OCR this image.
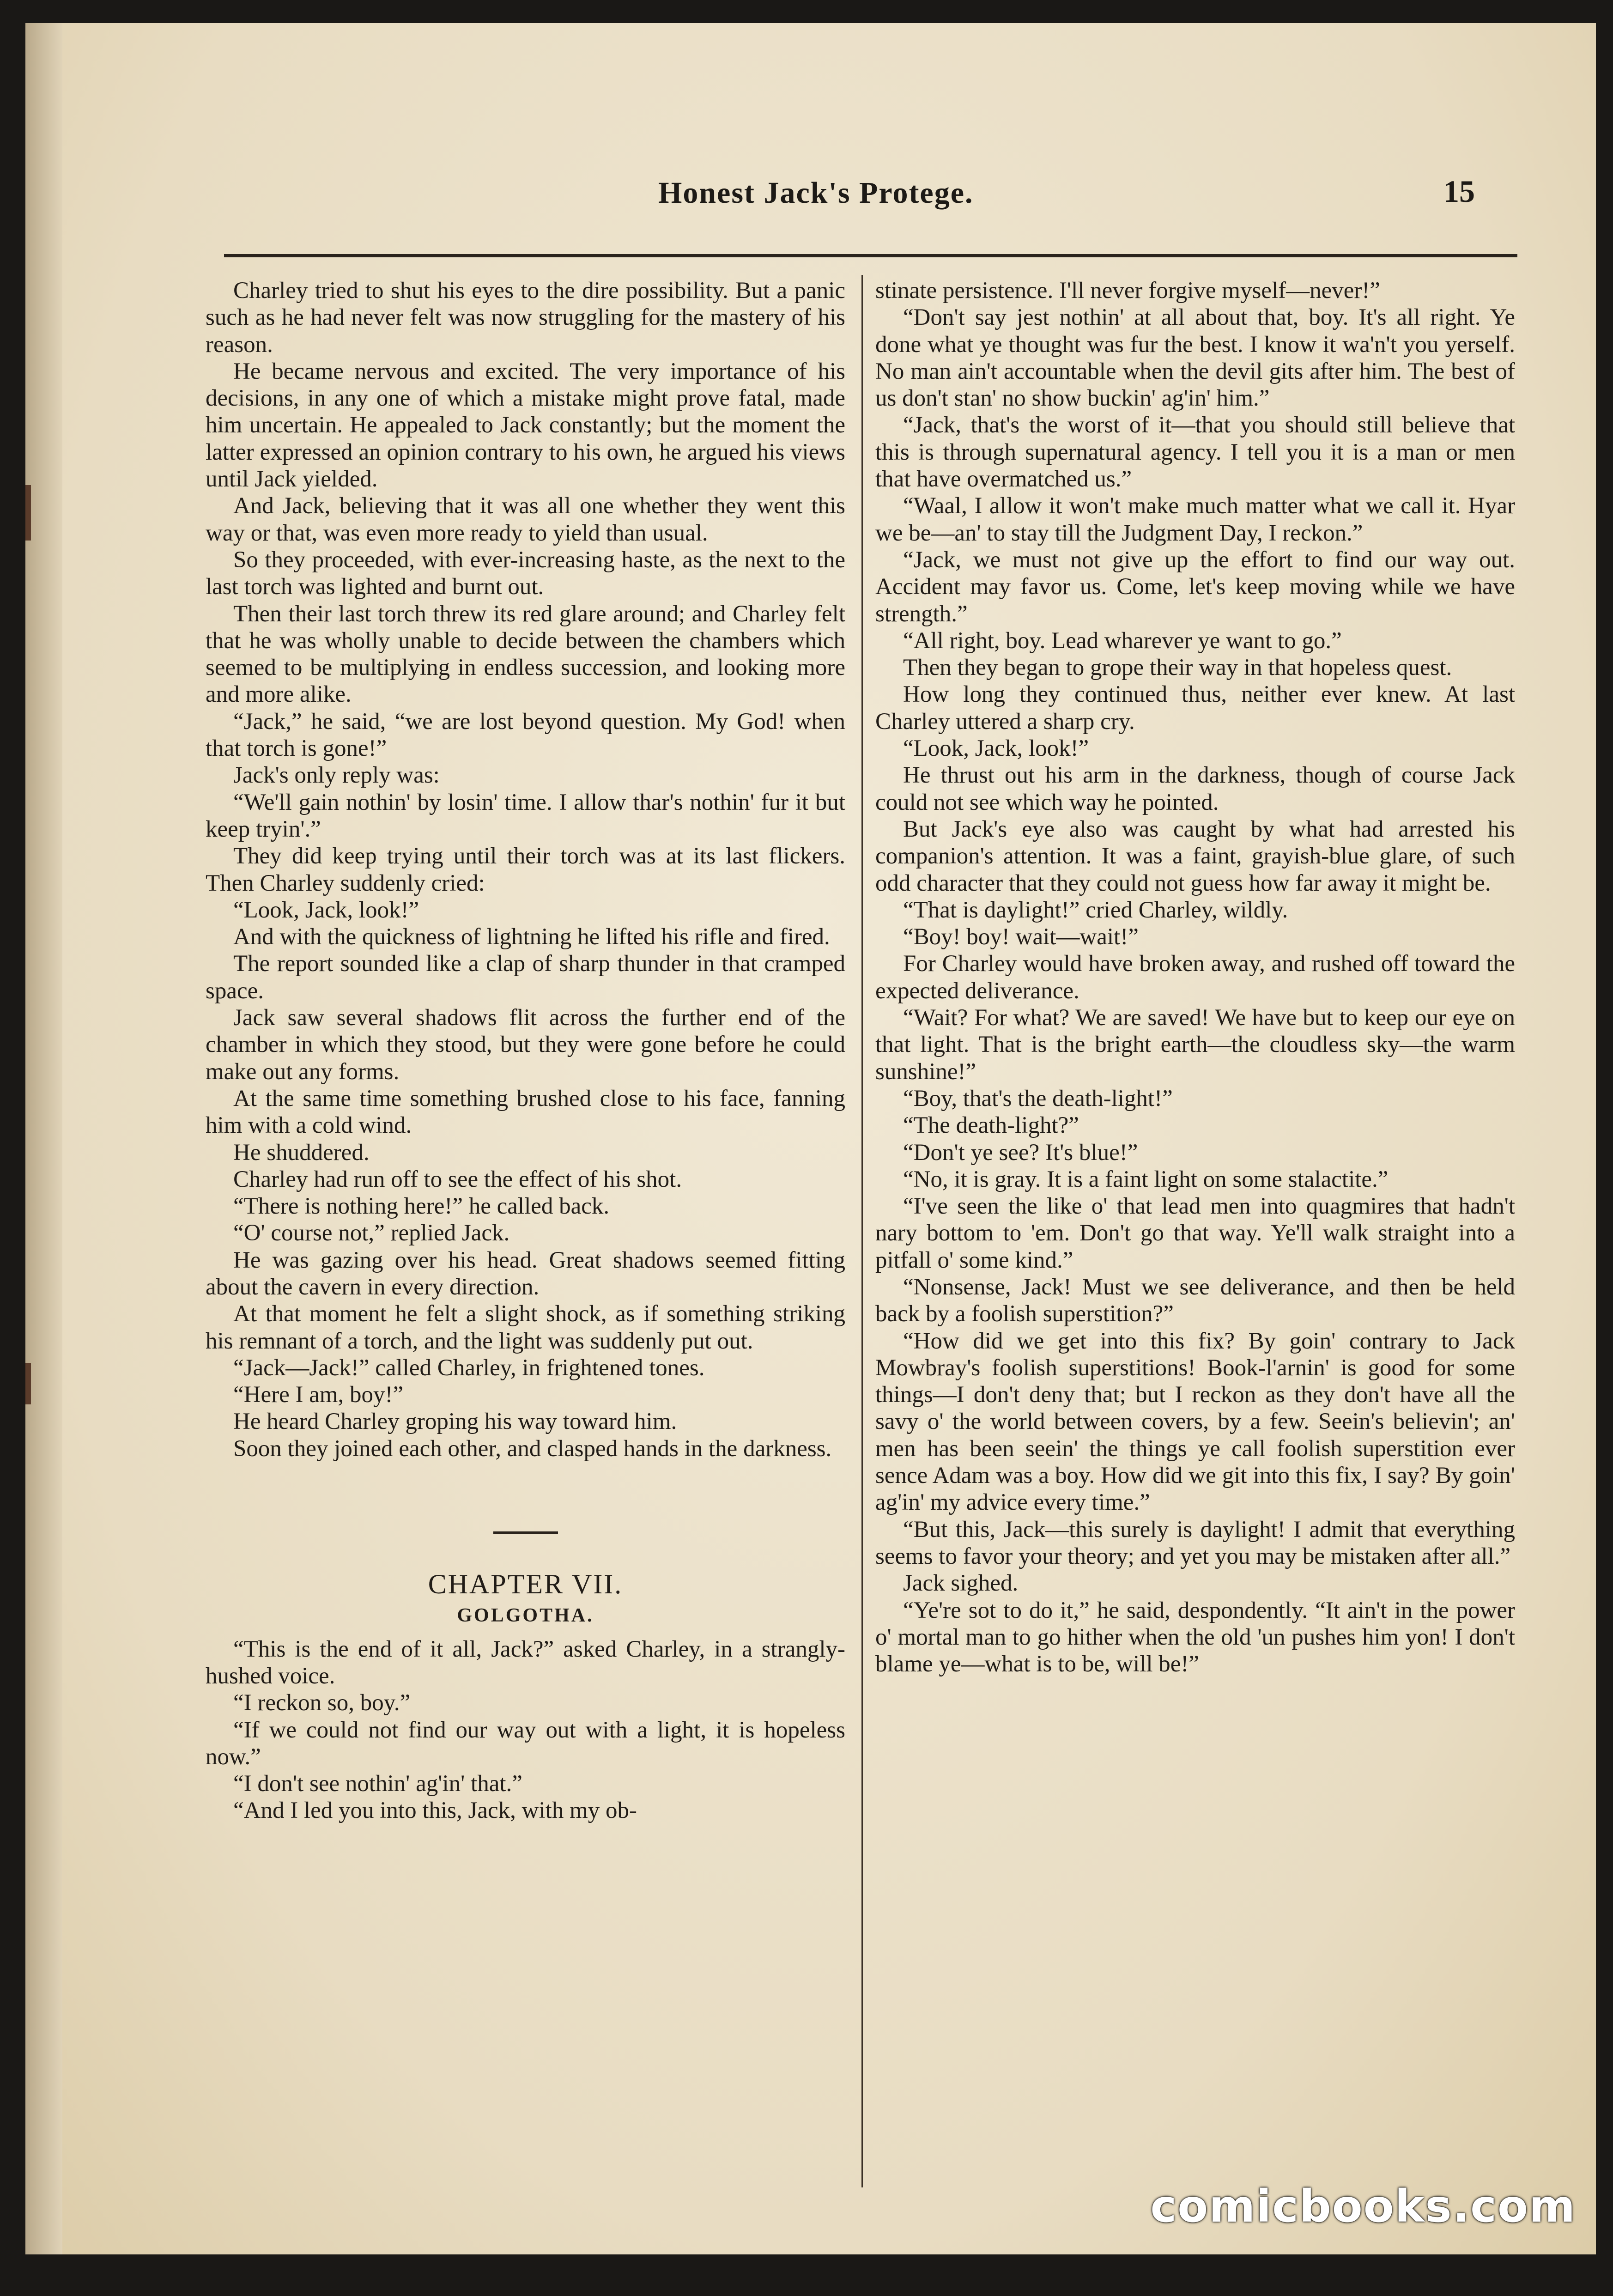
Honest Jack's Protege.	15

Charley tried to shut his eyes to the dire possibility. But a panic such as he had never felt was now struggling for the mastery of his reason.

He became nervous and excited. The very importance of his decisions, in any one of which a mistake might prove fatal, made him uncertain. He appealed to Jack constantly; but the moment the latter expressed an opinion contrary to his own, he argued his views until Jack yielded.

And Jack, believing that it was all one whether they went this way or that, was even more ready to yield than usual.

So they proceeded, with ever-increasing haste, as the next to the last torch was lighted and burnt out.

Then their last torch threw its red glare around; and Charley felt that he was wholly unable to decide between the chambers which seemed to be multiplying in endless succession, and looking more and more alike.

“Jack,” he said, “we are lost beyond question. My God! when that torch is gone!”

Jack's only reply was:

“We'll gain nothin' by losin' time. I allow thar's nothin' fur it but keep tryin'.”

They did keep trying until their torch was at its last flickers. Then Charley suddenly cried:

“Look, Jack, look!”

And with the quickness of lightning he lifted his rifle and fired.

The report sounded like a clap of sharp thunder in that cramped space.

Jack saw several shadows flit across the further end of the chamber in which they stood, but they were gone before he could make out any forms.

At the same time something brushed close to his face, fanning him with a cold wind.

He shuddered.

Charley had run off to see the effect of his shot.

“There is nothing here!” he called back.

“O' course not,” replied Jack.

He was gazing over his head. Great shadows seemed fitting about the cavern in every direction.

At that moment he felt a slight shock, as if something striking his remnant of a torch, and the light was suddenly put out.

“Jack—Jack!” called Charley, in frightened tones.

“Here I am, boy!”

He heard Charley groping his way toward him.

Soon they joined each other, and clasped hands in the darkness.

CHAPTER VII.
GOLGOTHA.

“This is the end of it all, Jack?” asked Charley, in a strangly-hushed voice.

“I reckon so, boy.”

“If we could not find our way out with a light, it is hopeless now.”

“I don't see nothin' ag'in' that.”

“And I led you into this, Jack, with my ob-

stinate persistence. I'll never forgive myself—never!”

“Don't say jest nothin' at all about that, boy. It's all right. Ye done what ye thought was fur the best. I know it wa'n't you yerself. No man ain't accountable when the devil gits after him. The best of us don't stan' no show buckin' ag'in' him.”

“Jack, that's the worst of it—that you should still believe that this is through supernatural agency. I tell you it is a man or men that have overmatched us.”

“Waal, I allow it won't make much matter what we call it. Hyar we be—an' to stay till the Judgment Day, I reckon.”

“Jack, we must not give up the effort to find our way out. Accident may favor us. Come, let's keep moving while we have strength.”

“All right, boy. Lead wharever ye want to go.”

Then they began to grope their way in that hopeless quest.

How long they continued thus, neither ever knew. At last Charley uttered a sharp cry.

“Look, Jack, look!”

He thrust out his arm in the darkness, though of course Jack could not see which way he pointed.

But Jack's eye also was caught by what had arrested his companion's attention. It was a faint, grayish-blue glare, of such odd character that they could not guess how far away it might be.

“That is daylight!” cried Charley, wildly.

“Boy! boy! wait—wait!”

For Charley would have broken away, and rushed off toward the expected deliverance.

“Wait? For what? We are saved! We have but to keep our eye on that light. That is the bright earth—the cloudless sky—the warm sunshine!”

“Boy, that's the death-light!”

“The death-light?”

“Don't ye see? It's blue!”

“No, it is gray. It is a faint light on some stalactite.”

“I've seen the like o' that lead men into quagmires that hadn't nary bottom to 'em. Don't go that way. Ye'll walk straight into a pitfall o' some kind.”

“Nonsense, Jack! Must we see deliverance, and then be held back by a foolish superstition?”

“How did we get into this fix? By goin' contrary to Jack Mowbray's foolish superstitions! Book-l'arnin' is good for some things—I don't deny that; but I reckon as they don't have all the savy o' the world between covers, by a few. Seein's believin'; an' men has been seein' the things ye call foolish superstition ever sence Adam was a boy. How did we git into this fix, I say? By goin' ag'in' my advice every time.”

“But this, Jack—this surely is daylight! I admit that everything seems to favor your theory; and yet you may be mistaken after all.”

Jack sighed.

“Ye're sot to do it,” he said, despondently. “It ain't in the power o' mortal man to go hither when the old 'un pushes him yon! I don't blame ye—what is to be, will be!”

comicbooks.com
